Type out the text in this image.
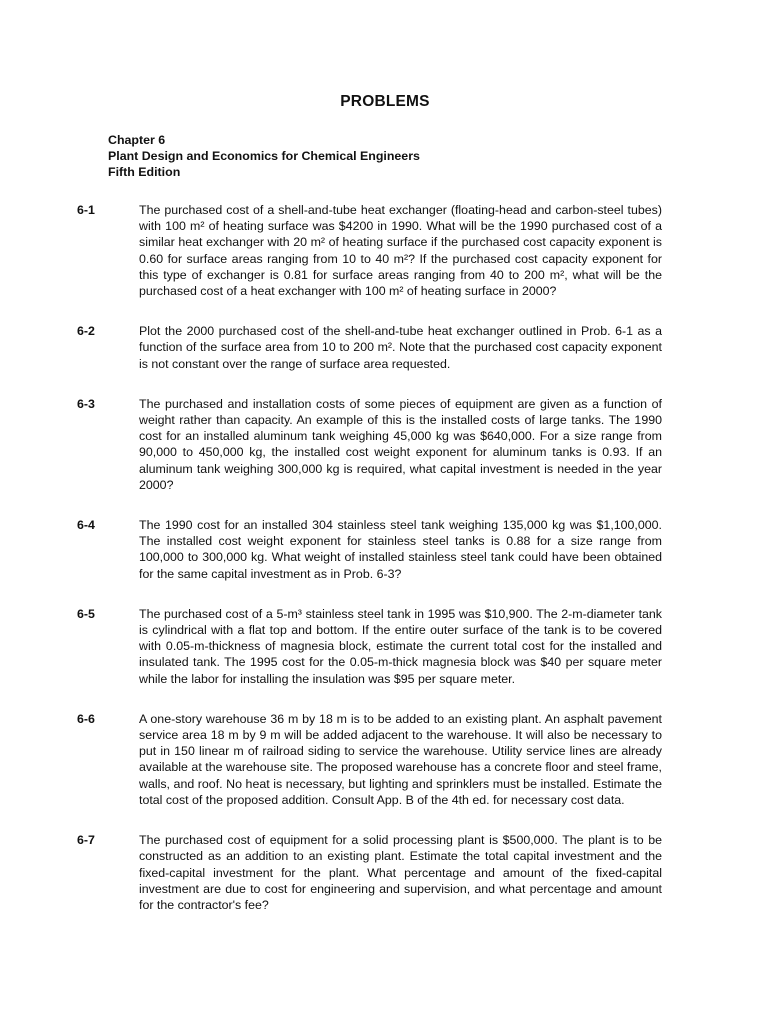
PROBLEMS
Chapter 6
Plant Design and Economics for Chemical Engineers
Fifth Edition

6-1	The purchased cost of a shell-and-tube heat exchanger (floating-head and carbon-steel tubes) with 100 m² of heating surface was $4200 in 1990. What will be the 1990 purchased cost of a similar heat exchanger with 20 m² of heating surface if the purchased cost capacity exponent is 0.60 for surface areas ranging from 10 to 40 m²? If the purchased cost capacity exponent for this type of exchanger is 0.81 for surface areas ranging from 40 to 200 m², what will be the purchased cost of a heat exchanger with 100 m² of heating surface in 2000?

6-2	Plot the 2000 purchased cost of the shell-and-tube heat exchanger outlined in Prob. 6-1 as a function of the surface area from 10 to 200 m². Note that the purchased cost capacity exponent is not constant over the range of surface area requested.

6-3	The purchased and installation costs of some pieces of equipment are given as a function of weight rather than capacity. An example of this is the installed costs of large tanks. The 1990 cost for an installed aluminum tank weighing 45,000 kg was $640,000. For a size range from 90,000 to 450,000 kg, the installed cost weight exponent for aluminum tanks is 0.93. If an aluminum tank weighing 300,000 kg is required, what capital investment is needed in the year 2000?

6-4	The 1990 cost for an installed 304 stainless steel tank weighing 135,000 kg was $1,100,000. The installed cost weight exponent for stainless steel tanks is 0.88 for a size range from 100,000 to 300,000 kg. What weight of installed stainless steel tank could have been obtained for the same capital investment as in Prob. 6-3?

6-5	The purchased cost of a 5-m³ stainless steel tank in 1995 was $10,900. The 2-m-diameter tank is cylindrical with a flat top and bottom. If the entire outer surface of the tank is to be covered with 0.05-m-thickness of magnesia block, estimate the current total cost for the installed and insulated tank. The 1995 cost for the 0.05-m-thick magnesia block was $40 per square meter while the labor for installing the insulation was $95 per square meter.

6-6	A one-story warehouse 36 m by 18 m is to be added to an existing plant. An asphalt pavement service area 18 m by 9 m will be added adjacent to the warehouse. It will also be necessary to put in 150 linear m of railroad siding to service the warehouse. Utility service lines are already available at the warehouse site. The proposed warehouse has a concrete floor and steel frame, walls, and roof. No heat is necessary, but lighting and sprinklers must be installed. Estimate the total cost of the proposed addition. Consult App. B of the 4th ed. for necessary cost data.

6-7	The purchased cost of equipment for a solid processing plant is $500,000. The plant is to be constructed as an addition to an existing plant. Estimate the total capital investment and the fixed-capital investment for the plant. What percentage and amount of the fixed-capital investment are due to cost for engineering and supervision, and what percentage and amount for the contractor's fee?
